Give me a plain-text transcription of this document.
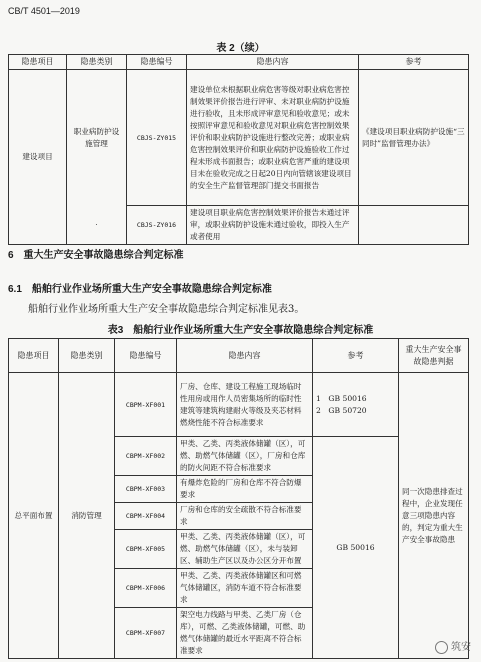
CB/T 4501—2019
表 2（续）
隐患项目	隐患类别	隐患编号	隐患内容	参考
建设项目	职业病防护设施管理	CBJS-ZY015	建设单位未根据职业病危害等级对职业病危害控制效果评价报告进行评审、未对职业病防护设施进行验收，且未形成评审意见和验收意见；或未按照评审意见和验收意见对职业病危害控制效果评价和职业病防护设施进行整改完善；或职业病危害控制效果评价和职业病防护设施验收工作过程未形成书面报告；或职业病危害严重的建设项目未在验收完成之日起20日内向管辖该建设项目的安全生产监督管理部门提交书面报告	《建设项目职业病防护设施“三同时”监督管理办法》
	·	CBJS-ZY016	建设项目职业病危害控制效果评价报告未通过评审，或职业病防护设施未通过验收，即投入生产或者使用	
6　重大生产安全事故隐患综合判定标准
6.1　船舶行业作业场所重大生产安全事故隐患综合判定标准
船舶行业作业场所重大生产安全事故隐患综合判定标准见表3。
表3　船舶行业作业场所重大生产安全事故隐患综合判定标准
隐患项目	隐患类别	隐患编号	隐患内容	参考	重大生产安全事故隐患判据
总平面布置	消防管理	CBPM-XF001	厂房、仓库、建设工程施工现场临时性用房或用作人员密集场所的临时性建筑等建筑构建耐火等级及夹芯材料燃烧性能不符合标准要求	1　GB 50016
2　GB 50720	同一次隐患排查过程中，企业发现任意三项隐患内容的，判定为重大生产安全事故隐患
		CBPM-XF002	甲类、乙类、丙类液体储罐（区），可燃、助燃气体储罐（区），厂房和仓库的防火间距不符合标准要求	GB 50016	
		CBPM-XF003	有爆炸危险的厂房和仓库不符合防爆要求		
		CBPM-XF004	厂房和仓库的安全疏散不符合标准要求		
		CBPM-XF005	甲类、乙类、丙类液体储罐（区），可燃、助燃气体储罐（区），未与装卸区、辅助生产区以及办公区分开布置		
		CBPM-XF006	甲类、乙类、丙类液体储罐区和可燃气体储罐区，消防车道不符合标准要求		
		CBPM-XF007	架空电力线路与甲类、乙类厂房（仓库），可燃、乙类液体储罐，可燃、助燃气体储罐的最近水平距离不符合标准要求			筑安
